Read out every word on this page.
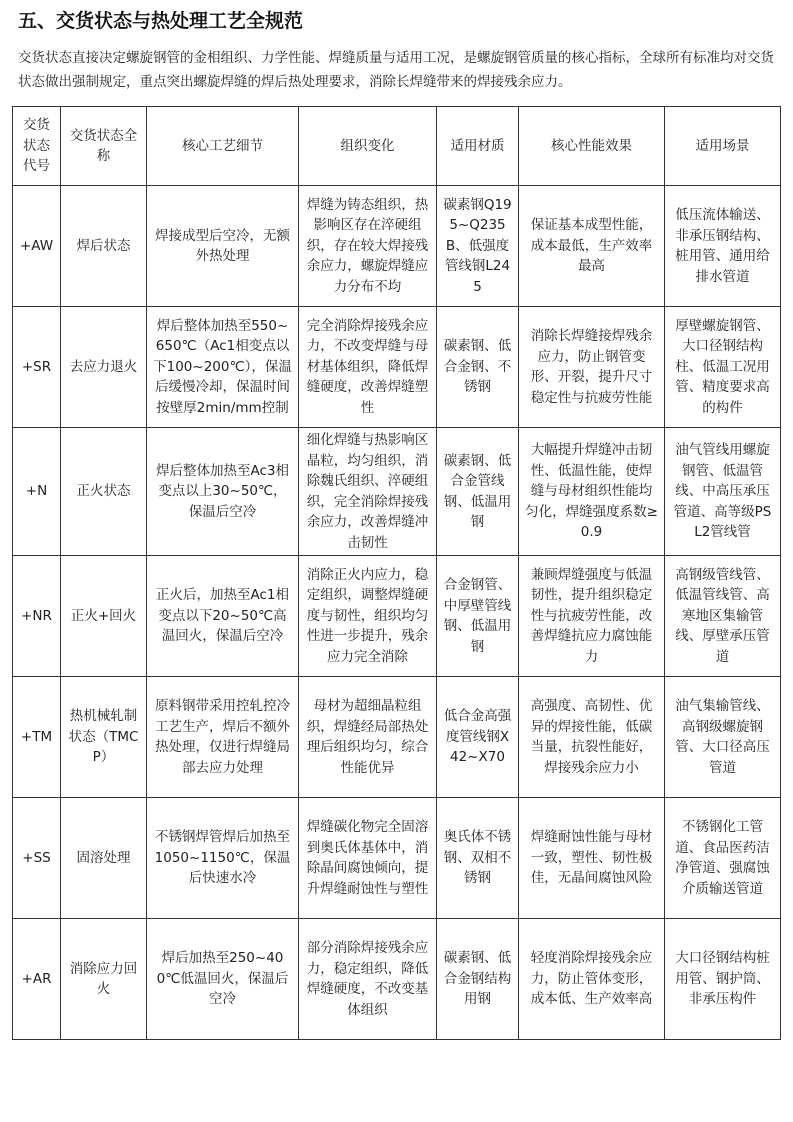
五、交货状态与热处理工艺全规范

交货状态直接决定螺旋钢管的金相组织、力学性能、焊缝质量与适用工况，是螺旋钢管质量的核心指标，全球所有标准均对交货状态做出强制规定，重点突出螺旋焊缝的焊后热处理要求，消除长焊缝带来的焊接残余应力。

交货状态代号	交货状态全称	核心工艺细节	组织变化	适用材质	核心性能效果	适用场景
+AW	焊后状态	焊接成型后空冷，无额外热处理	焊缝为铸态组织，热影响区存在淬硬组织，存在较大焊接残余应力，螺旋焊缝应力分布不均	碳素钢Q195~Q235B、低强度管线钢L245	保证基本成型性能，成本最低，生产效率最高	低压流体输送、非承压钢结构、桩用管、通用给排水管道
+SR	去应力退火	焊后整体加热至550~650℃（Ac1相变点以下100~200℃），保温后缓慢冷却，保温时间按壁厚2min/mm控制	完全消除焊接残余应力，不改变焊缝与母材基体组织，降低焊缝硬度，改善焊缝塑性	碳素钢、低合金钢、不锈钢	消除长焊缝接焊残余应力，防止钢管变形、开裂，提升尺寸稳定性与抗疲劳性能	厚壁螺旋钢管、大口径钢结构柱、低温工况用管、精度要求高的构件
+N	正火状态	焊后整体加热至Ac3相变点以上30~50℃，保温后空冷	细化焊缝与热影响区晶粒，均匀组织，消除魏氏组织、淬硬组织，完全消除焊接残余应力，改善焊缝冲击韧性	碳素钢、低合金管线钢、低温用钢	大幅提升焊缝冲击韧性、低温性能，使焊缝与母材组织性能均匀化，焊缝强度系数≥0.9	油气管线用螺旋钢管、低温管线、中高压承压管道、高等级PSL2管线管
+NR	正火+回火	正火后，加热至Ac1相变点以下20~50℃高温回火，保温后空冷	消除正火内应力，稳定组织，调整焊缝硬度与韧性，组织均匀性进一步提升，残余应力完全消除	合金钢管、中厚壁管线钢、低温用钢	兼顾焊缝强度与低温韧性，提升组织稳定性与抗疲劳性能，改善焊缝抗应力腐蚀能力	高钢级管线管、低温管线管、高寒地区集输管线、厚壁承压管道
+TM	热机械轧制状态（TMCP）	原料钢带采用控轧控冷工艺生产，焊后不额外热处理，仅进行焊缝局部去应力处理	母材为超细晶粒组织，焊缝经局部热处理后组织均匀，综合性能优异	低合金高强度管线钢X42~X70	高强度、高韧性、优异的焊接性能，低碳当量，抗裂性能好，焊接残余应力小	油气集输管线、高钢级螺旋钢管、大口径高压管道
+SS	固溶处理	不锈钢焊管焊后加热至1050~1150℃，保温后快速水冷	焊缝碳化物完全固溶到奥氏体基体中，消除晶间腐蚀倾向，提升焊缝耐蚀性与塑性	奥氏体不锈钢、双相不锈钢	焊缝耐蚀性能与母材一致，塑性、韧性极佳，无晶间腐蚀风险	不锈钢化工管道、食品医药洁净管道、强腐蚀介质输送管道
+AR	消除应力回火	焊后加热至250~400℃低温回火，保温后空冷	部分消除焊接残余应力，稳定组织，降低焊缝硬度，不改变基体组织	碳素钢、低合金钢结构用钢	轻度消除焊接残余应力，防止管体变形，成本低、生产效率高	大口径钢结构桩用管、钢护筒、非承压构件
